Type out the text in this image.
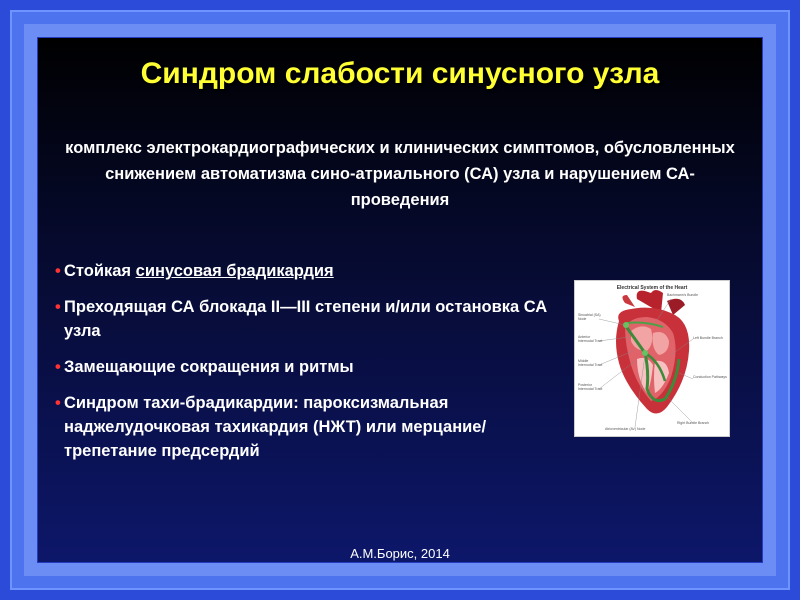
Синдром слабости синусного узла

комплекс электрокардиографических и клинических симптомов, обусловленных снижением автоматизма сино-атриального (СА) узла и нарушением СА-проведения

• Стойкая синусовая брадикардия
• Преходящая СА блокада II—III степени и/или остановка СА узла
• Замещающие сокращения и ритмы
• Синдром тахи-брадикардии: пароксизмальная наджелудочковая тахикардия (НЖТ) или мерцание/трепетание предсердий
Electrical System of the Heart
Sinoatrial (SA) Node
Anterior Internodal Tract
Middle Internodal Tract
Posterior Internodal Tract
Atrioventricular (AV) Node
Bachmann's Bundle
Left Bundle Branch
Conduction Pathways
Right Bundle Branch
А.М.Борис, 2014
